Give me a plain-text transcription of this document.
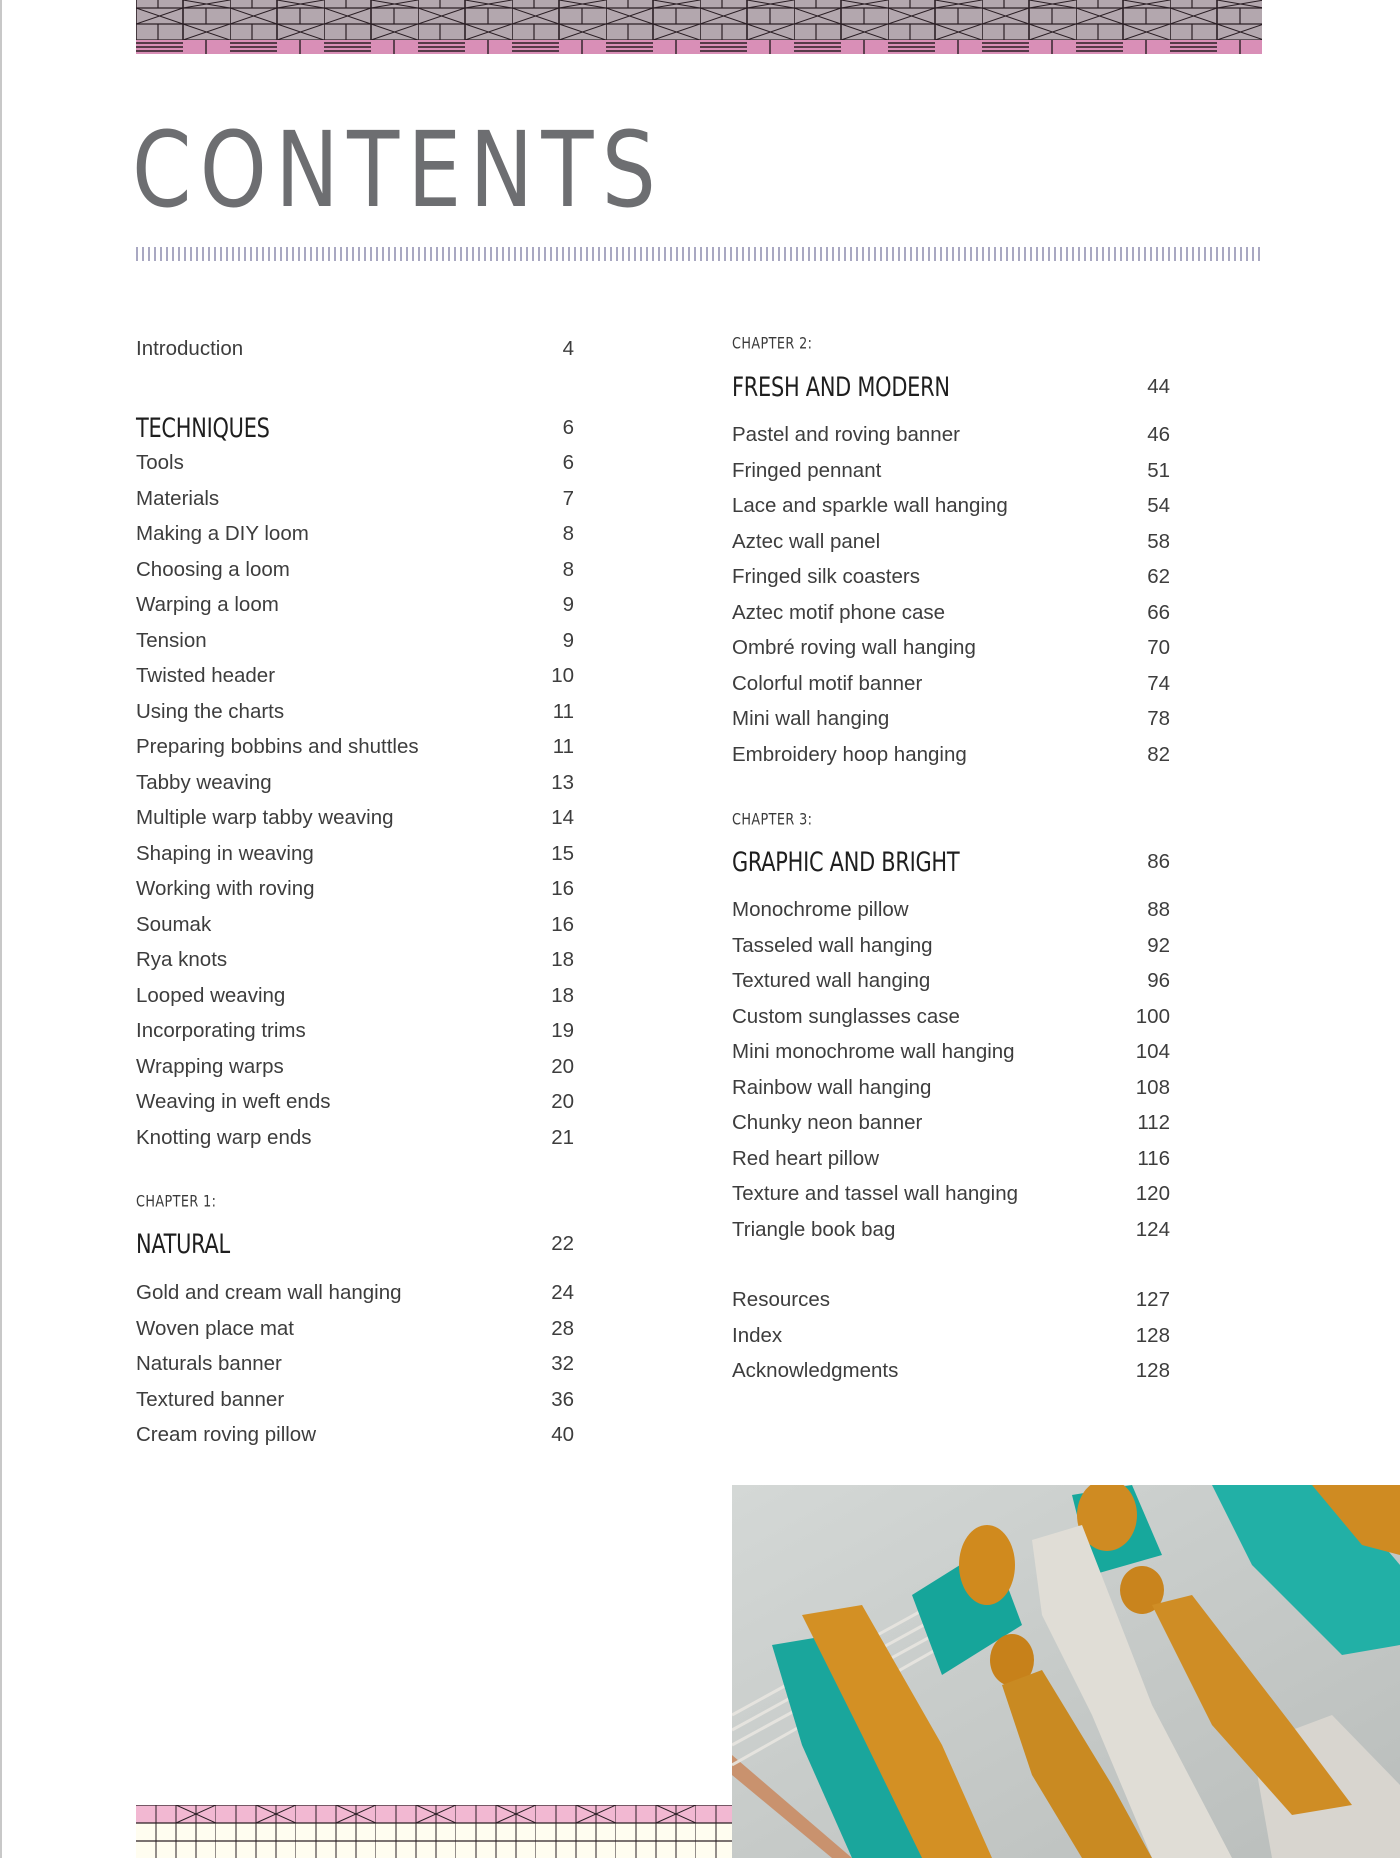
CONTENTS
Introduction	4
TECHNIQUES	6
Tools	6
Materials	7
Making a DIY loom	8
Choosing a loom	8
Warping a loom	9
Tension	9
Twisted header	10
Using the charts	11
Preparing bobbins and shuttles	11
Tabby weaving	13
Multiple warp tabby weaving	14
Shaping in weaving	15
Working with roving	16
Soumak	16
Rya knots	18
Looped weaving	18
Incorporating trims	19
Wrapping warps	20
Weaving in weft ends	20
Knotting warp ends	21
CHAPTER 1:
NATURAL	22
Gold and cream wall hanging	24
Woven place mat	28
Naturals banner	32
Textured banner	36
Cream roving pillow	40
CHAPTER 2:
FRESH AND MODERN	44
Pastel and roving banner	46
Fringed pennant	51
Lace and sparkle wall hanging	54
Aztec wall panel	58
Fringed silk coasters	62
Aztec motif phone case	66
Ombré roving wall hanging	70
Colorful motif banner	74
Mini wall hanging	78
Embroidery hoop hanging	82
CHAPTER 3:
GRAPHIC AND BRIGHT	86
Monochrome pillow	88
Tasseled wall hanging	92
Textured wall hanging	96
Custom sunglasses case	100
Mini monochrome wall hanging	104
Rainbow wall hanging	108
Chunky neon banner	112
Red heart pillow	116
Texture and tassel wall hanging	120
Triangle book bag	124
Resources	127
Index	128
Acknowledgments	128
